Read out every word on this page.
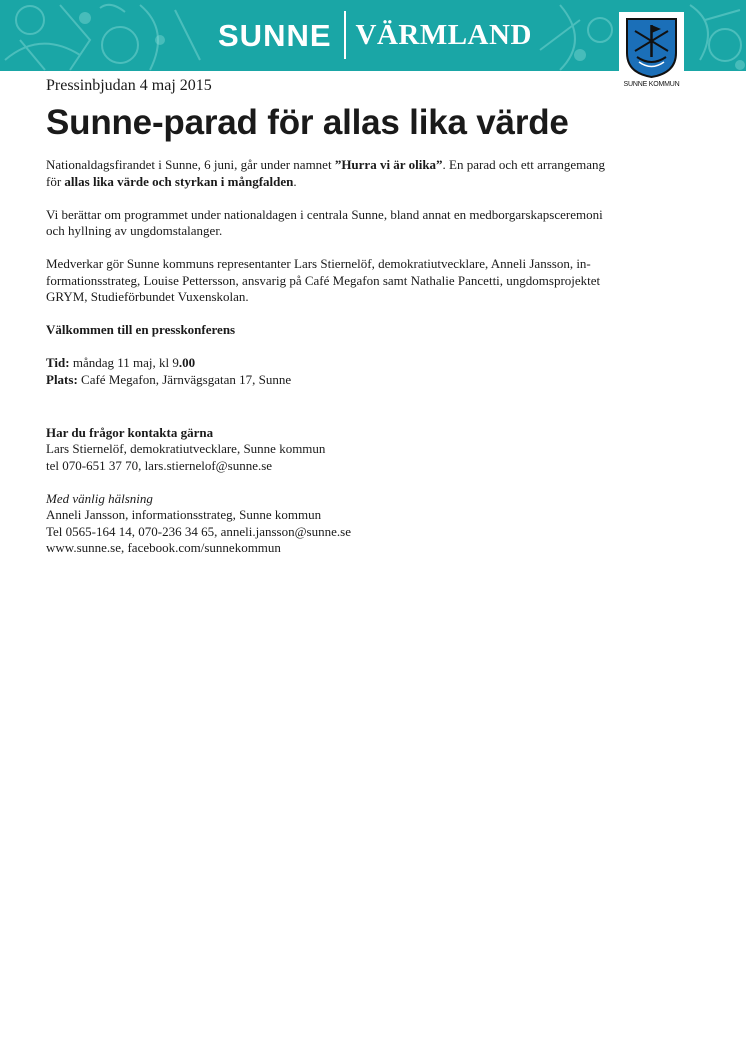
SUNNE VÄRMLAND
SUNNE KOMMUN

Pressinbjudan 4 maj 2015

Sunne-parad för allas lika värde

Nationaldagsfirandet i Sunne, 6 juni, går under namnet ”Hurra vi är olika”. En parad och ett arrangemang

för allas lika värde och styrkan i mångfalden.

Vi berättar om programmet under nationaldagen i centrala Sunne, bland annat en medborgarskapsceremoni

och hyllning av ungdomstalanger.

Medverkar gör Sunne kommuns representanter Lars Stiernelöf, demokratiutvecklare, Anneli Jansson, in-

formationsstrateg, Louise Pettersson, ansvarig på Café Megafon samt Nathalie Pancetti, ungdomsprojektet

GRYM, Studieförbundet Vuxenskolan.

Välkommen till en presskonferens

Tid: måndag 11 maj, kl 9.00

Plats: Café Megafon, Järnvägsgatan 17, Sunne

Har du frågor kontakta gärna

Lars Stiernelöf, demokratiutvecklare, Sunne kommun

tel 070-651 37 70, lars.stiernelof@sunne.se

Med vänlig hälsning

Anneli Jansson, informationsstrateg, Sunne kommun

Tel 0565-164 14, 070-236 34 65, anneli.jansson@sunne.se

www.sunne.se, facebook.com/sunnekommun
